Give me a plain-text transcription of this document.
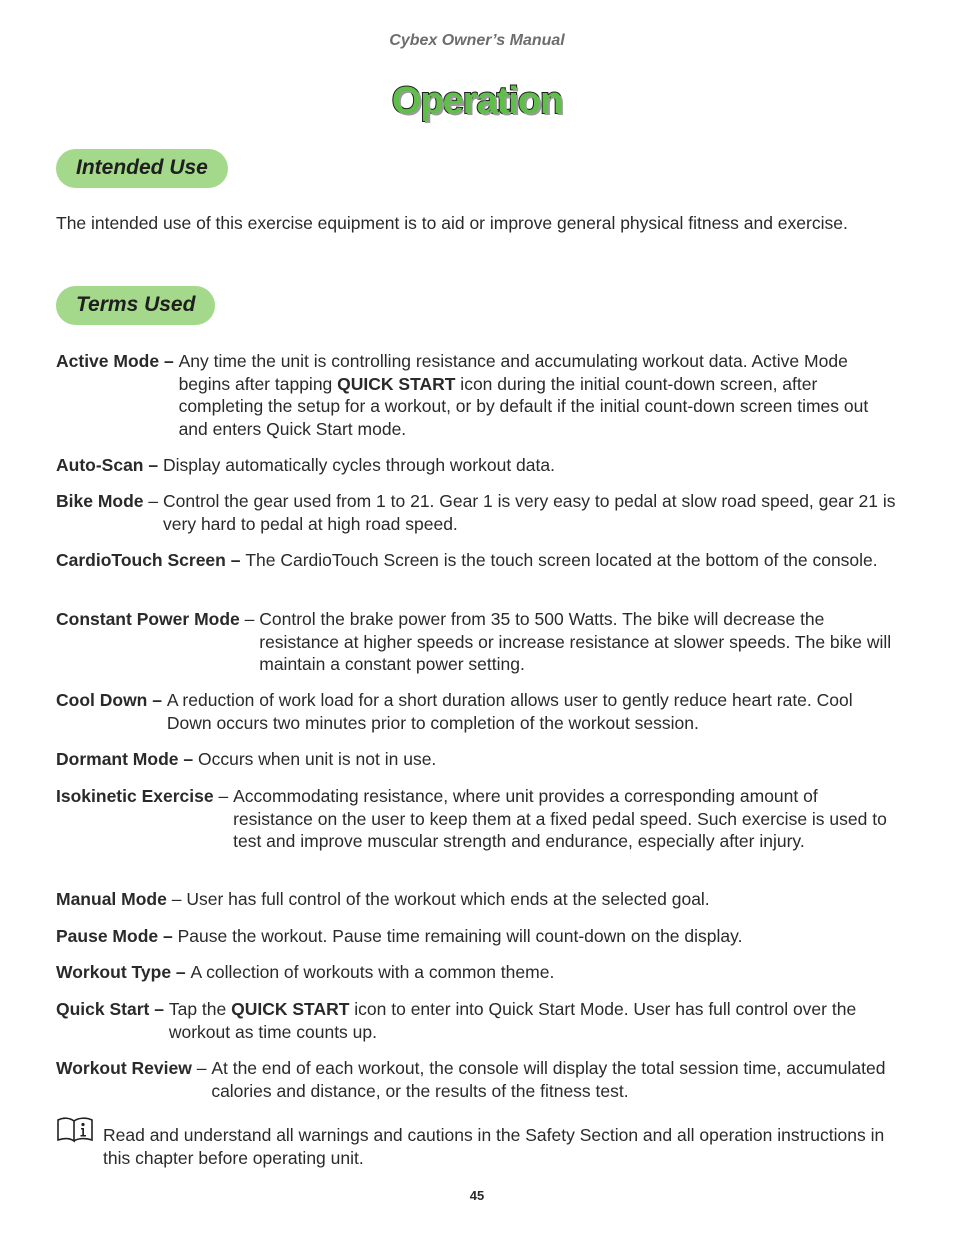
Cybex Owner’s Manual
Operation
Intended Use
The intended use of this exercise equipment is to aid or improve general physical fitness and exercise.
Terms Used
Active Mode – Any time the unit is controlling resistance and accumulating workout data. Active Mode begins after tapping QUICK START icon during the initial count-down screen, after completing the setup for a workout, or by default if the initial count-down screen times out and enters Quick Start mode.
Auto-Scan – Display automatically cycles through workout data.
Bike Mode – Control the gear used from 1 to 21. Gear 1 is very easy to pedal at slow road speed, gear 21 is very hard to pedal at high road speed.
CardioTouch Screen – The CardioTouch Screen is the touch screen located at the bottom of the console.
Constant Power Mode – Control the brake power from 35 to 500 Watts. The bike will decrease the resistance at higher speeds or increase resistance at slower speeds. The bike will maintain a constant power setting.
Cool Down – A reduction of work load for a short duration allows user to gently reduce heart rate. Cool Down occurs two minutes prior to completion of the workout session.
Dormant Mode – Occurs when unit is not in use.
Isokinetic Exercise – Accommodating resistance, where unit provides a corresponding amount of resistance on the user to keep them at a fixed pedal speed. Such exercise is used to test and improve muscular strength and endurance, especially after injury.
Manual Mode – User has full control of the workout which ends at the selected goal.
Pause Mode – Pause the workout. Pause time remaining will count-down on the display.
Workout Type – A collection of workouts with a common theme.
Quick Start – Tap the QUICK START icon to enter into Quick Start Mode. User has full control over the workout as time counts up.
Workout Review – At the end of each workout, the console will display the total session time, accumulated calories and distance, or the results of the fitness test.
Read and understand all warnings and cautions in the Safety Section and all operation instructions in this chapter before operating unit.
45
